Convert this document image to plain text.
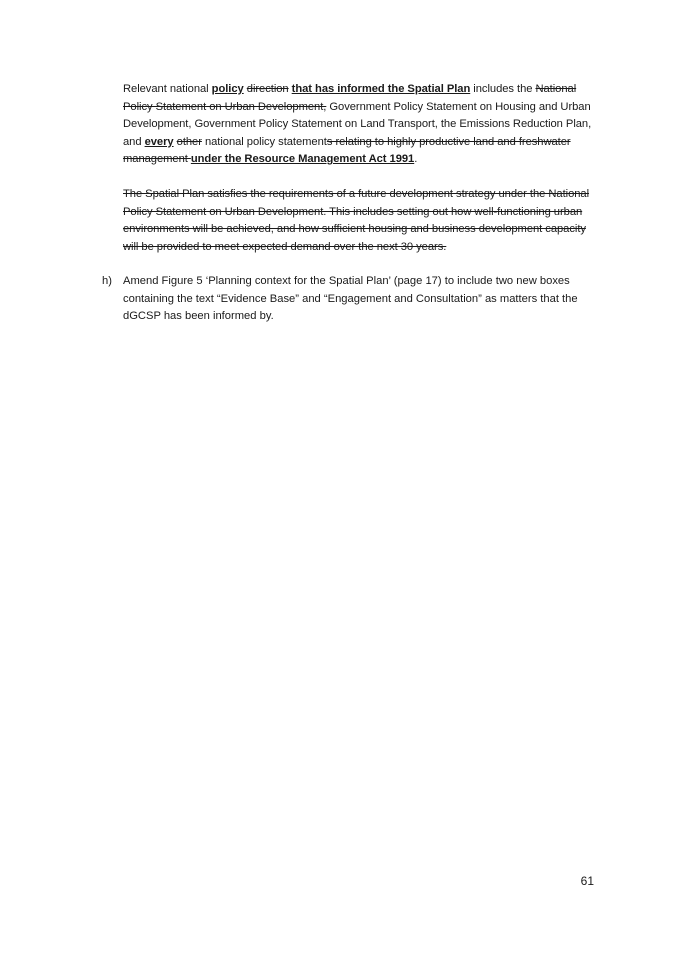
Relevant national policy direction that has informed the Spatial Plan includes the National Policy Statement on Urban Development, Government Policy Statement on Housing and Urban Development, Government Policy Statement on Land Transport, the Emissions Reduction Plan, and every other national policy statements relating to highly productive land and freshwater management under the Resource Management Act 1991.
The Spatial Plan satisfies the requirements of a future development strategy under the National Policy Statement on Urban Development. This includes setting out how well-functioning urban environments will be achieved, and how sufficient housing and business development capacity will be provided to meet expected demand over the next 30 years.
h) Amend Figure 5 ‘Planning context for the Spatial Plan’ (page 17) to include two new boxes containing the text “Evidence Base” and “Engagement and Consultation” as matters that the dGCSP has been informed by.
61
